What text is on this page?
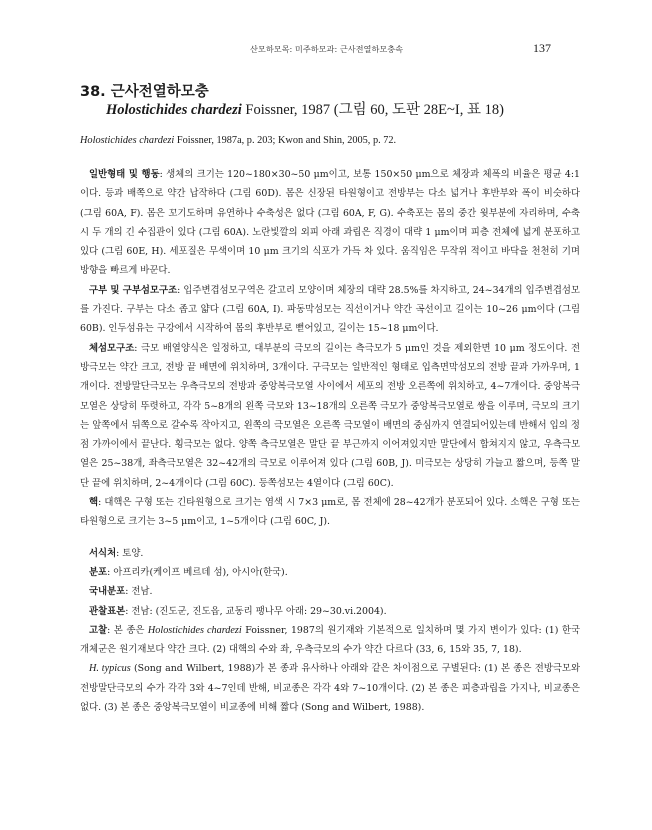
산모하모목: 미주하모과: 근사전열하모충속	137
38. 근사전열하모충
Holostichides chardezi Foissner, 1987 (그림 60, 도판 28E~I, 표 18)
Holostichides chardezi Foissner, 1987a, p. 203; Kwon and Shin, 2005, p. 72.

일반형태 및 행동: 생체의 크기는 120~180×30~50 μm이고, 보통 150×50 μm으로 체장과 체폭의 비율은 평균 4:1이다. 등과 배쪽으로 약간 납작하다 (그림 60D). 몸은 신장된 타원형이고 전방부는 다소 넓거나 후반부와 폭이 비슷하다 (그림 60A, F). 몸은 꼬기도하며 유연하나 수축성은 없다 (그림 60A, F, G). 수축포는 몸의 중간 윗부분에 자리하며, 수축시 두 개의 긴 수집관이 있다 (그림 60A). 노란빛깔의 외피 아래 과립은 직경이 대략 1 μm이며 피층 전체에 넓게 분포하고 있다 (그림 60E, H). 세포질은 무색이며 10 μm 크기의 식포가 가득 차 있다. 움직임은 무작위 적이고 바닥을 천천히 기며 방향을 빠르게 바꾼다.

구부 및 구부섬모구조: 입주변겹섬모구역은 갈고리 모양이며 체장의 대략 28.5%를 차지하고, 24~34개의 입주변겹섬모를 가진다. 구부는 다소 좁고 얇다 (그림 60A, I). 파동막섬모는 직선이거나 약간 곡선이고 길이는 10~26 μm이다 (그림 60B). 인두섬유는 구강에서 시작하여 몸의 후반부로 뻗어있고, 길이는 15~18 μm이다.

체섬모구조: 극모 배열양식은 일정하고, 대부분의 극모의 길이는 측극모가 5 μm인 것을 제외한면 10 μm 정도이다. 전방극모는 약간 크고, 전방 끝 배면에 위치하며, 3개이다. 구극모는 일반적인 형태로 입측면막섬모의 전방 끝과 가까우며, 1개이다. 전방말단극모는 우측극모의 전방과 중앙복극모열 사이에서 세포의 전방 오른쪽에 위치하고, 4~7개이다. 중앙복극모열은 상당히 뚜렷하고, 각각 5~8개의 왼쪽 극모와 13~18개의 오른쪽 극모가 중앙복극모열로 쌍을 이루며, 극모의 크기는 앞쪽에서 뒤쪽으로 갈수록 작아지고, 왼쪽의 극모열은 오른쪽 극모열이 배면의 중심까지 연결되어있는데 반해서 입의 정점 가까이에서 끝난다. 횡극모는 없다. 양쪽 측극모열은 말단 끝 부근까지 이어져있지만 말단에서 합쳐지지 않고, 우측극모열은 25~38개, 좌측극모열은 32~42개의 극모로 이루어져 있다 (그림 60B, J). 미극모는 상당히 가늘고 짧으며, 등쪽 말단 끝에 위치하며, 2~4개이다 (그림 60C). 등쪽섬모는 4열이다 (그림 60C).

핵: 대핵은 구형 또는 긴타원형으로 크기는 염색 시 7×3 μm로, 몸 전체에 28~42개가 분포되어 있다. 소핵은 구형 또는 타원형으로 크기는 3~5 μm이고, 1~5개이다 (그림 60C, J).

서식처: 토양.

분포: 아프리카(케이프 베르데 섬), 아시아(한국).

국내분포: 전남.

관찰표본: 전남: (진도군, 진도읍, 교동리 팽나무 아래: 29~30.vi.2004).

고찰: 본 종은 Holostichides chardezi Foissner, 1987의 원기재와 기본적으로 일치하며 몇 가지 변이가 있다: (1) 한국 개체군은 원기재보다 약간 크다. (2) 대핵의 수와 좌, 우측극모의 수가 약간 다르다 (33, 6, 15와 35, 7, 18).

H. typicus (Song and Wilbert, 1988)가 본 종과 유사하나 아래와 같은 차이점으로 구별된다: (1) 본 종은 전방극모와 전방말단극모의 수가 각각 3와 4~7인데 반해, 비교종은 각각 4와 7~10개이다. (2) 본 종은 피층과립을 가지나, 비교종은 없다. (3) 본 종은 중앙복극모열이 비교종에 비해 짧다 (Song and Wilbert, 1988).
